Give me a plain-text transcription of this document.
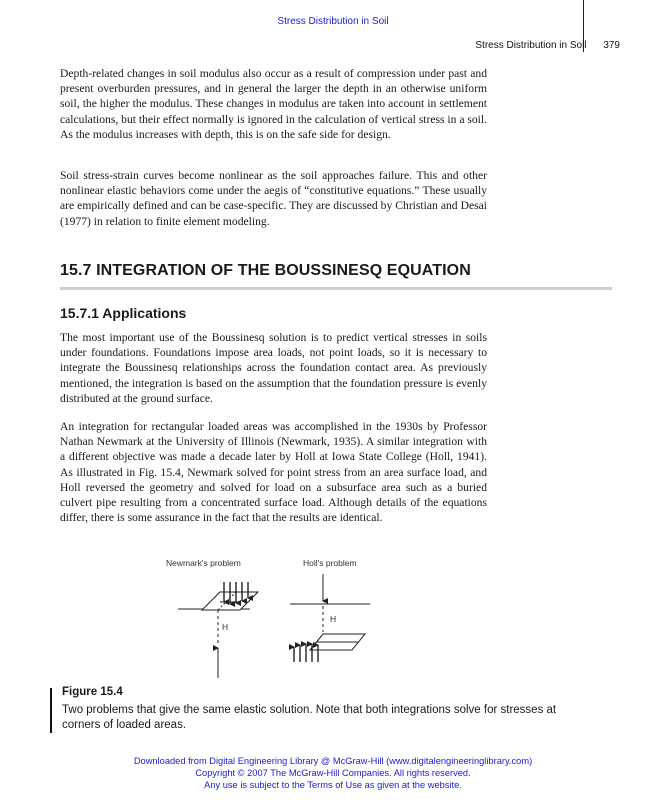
Stress Distribution in Soil
Stress Distribution in Soil 379

Depth-related changes in soil modulus also occur as a result of compression under past and present overburden pressures, and in general the larger the depth in an otherwise uniform soil, the higher the modulus. These changes in modulus are taken into account in settlement calculations, but their effect normally is ignored in the calculation of vertical stress in a soil. As the modulus increases with depth, this is on the safe side for design.

Soil stress-strain curves become nonlinear as the soil approaches failure. This and other nonlinear elastic behaviors come under the aegis of “constitutive equations.” These usually are empirically defined and can be case-specific. They are discussed by Christian and Desai (1977) in relation to finite element modeling.

15.7 INTEGRATION OF THE BOUSSINESQ EQUATION
15.7.1 Applications

The most important use of the Boussinesq solution is to predict vertical stresses in soils under foundations. Foundations impose area loads, not point loads, so it is necessary to integrate the Boussinesq relationships across the foundation contact area. As previously mentioned, the integration is based on the assumption that the foundation pressure is evenly distributed at the ground surface.

An integration for rectangular loaded areas was accomplished in the 1930s by Professor Nathan Newmark at the University of Illinois (Newmark, 1935). A similar integration with a different objective was made a decade later by Holl at Iowa State College (Holl, 1941). As illustrated in Fig. 15.4, Newmark solved for point stress from an area surface load, and Holl reversed the geometry and solved for load on a subsurface area such as a buried culvert pipe resulting from a concentrated surface load. Although details of the equations differ, there is some assurance in the fact that the results are identical.

Newmark's problem	Holl's problem
H
H

Figure 15.4

Two problems that give the same elastic solution. Note that both integrations solve for stresses at corners of loaded areas.

Downloaded from Digital Engineering Library @ McGraw-Hill (www.digitalengineeringlibrary.com)
Copyright © 2007 The McGraw-Hill Companies. All rights reserved.
Any use is subject to the Terms of Use as given at the website.
